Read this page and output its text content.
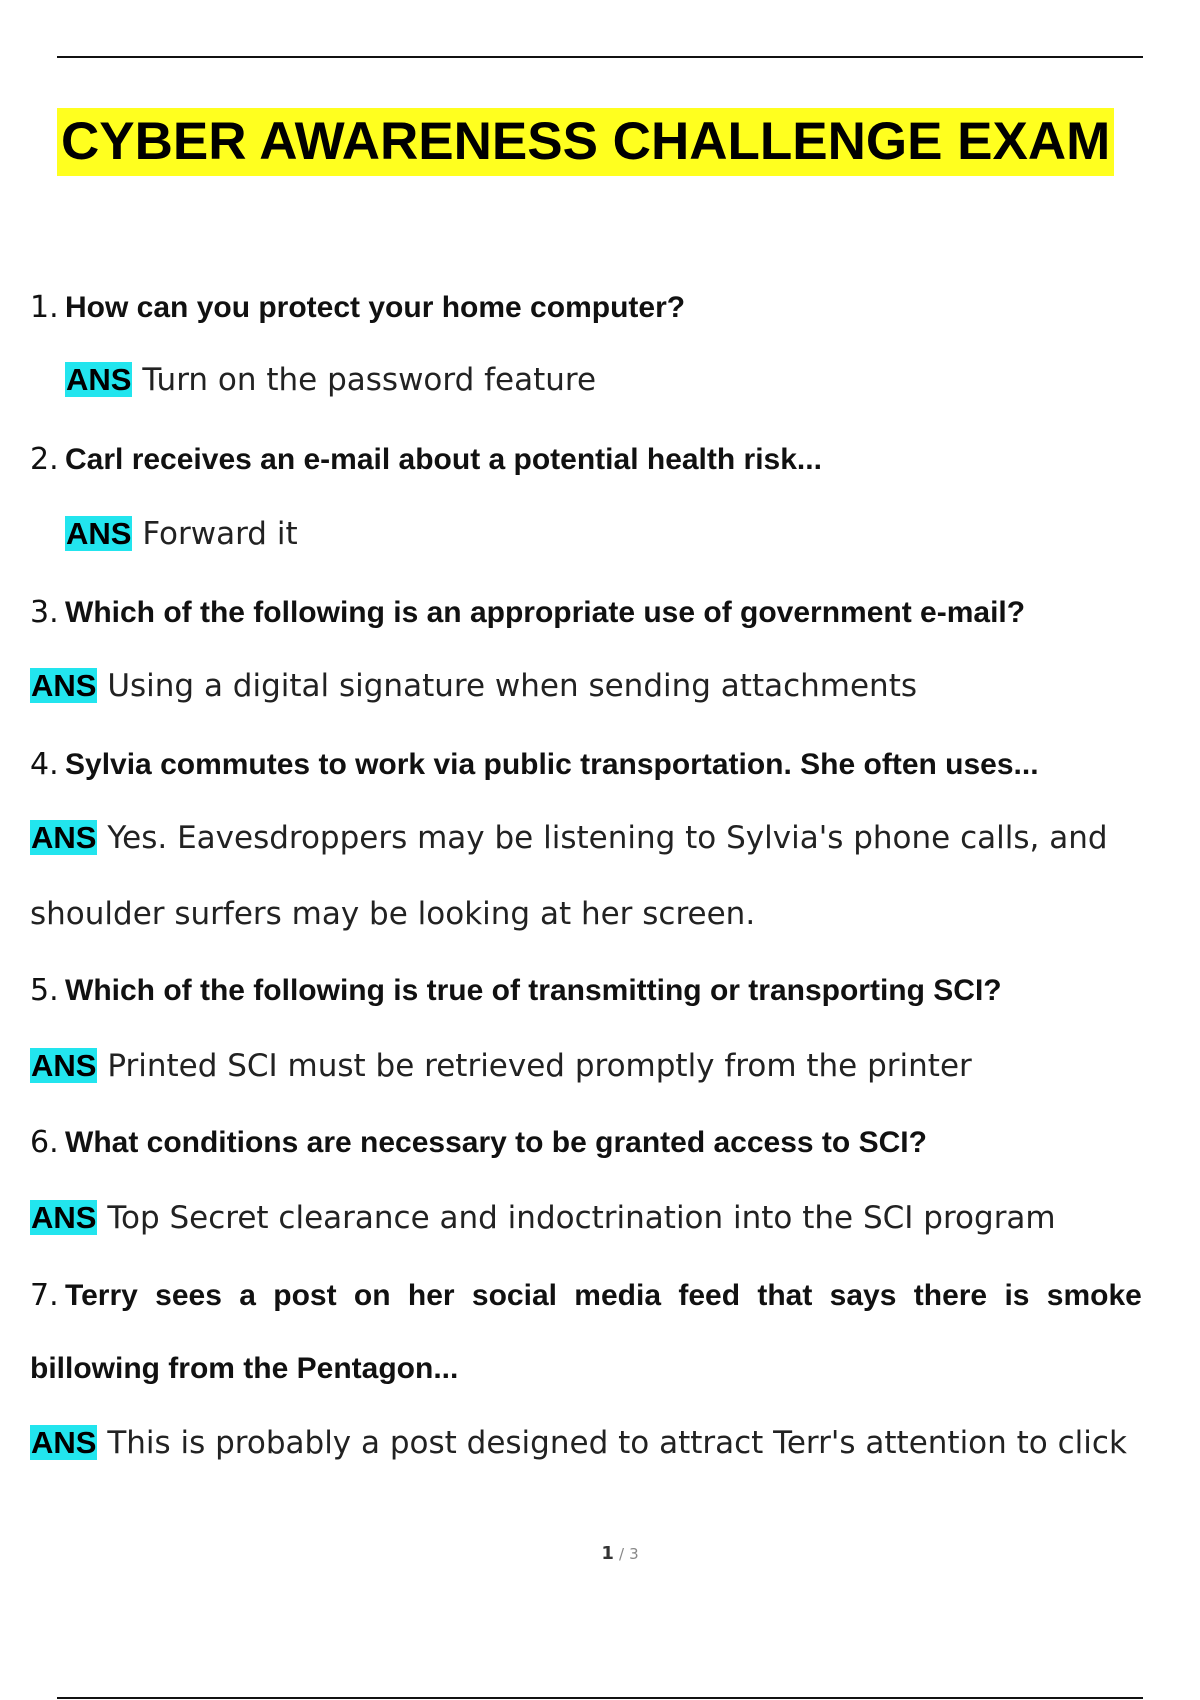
CYBER AWARENESS CHALLENGE EXAM
1. How can you protect your home computer?
ANS Turn on the password feature
2. Carl receives an e-mail about a potential health risk...
ANS Forward it
3. Which of the following is an appropriate use of government e-mail?
ANS Using a digital signature when sending attachments
4. Sylvia commutes to work via public transportation. She often uses...
ANS Yes. Eavesdroppers may be listening to Sylvia's phone calls, and
shoulder surfers may be looking at her screen.
5. Which of the following is true of transmitting or transporting SCI?
ANS Printed SCI must be retrieved promptly from the printer
6. What conditions are necessary to be granted access to SCI?
ANS Top Secret clearance and indoctrination into the SCI program
7. Terry sees a post on her social media feed that says there is smoke
billowing from the Pentagon...
ANS This is probably a post designed to attract Terr's attention to click
1 / 3
